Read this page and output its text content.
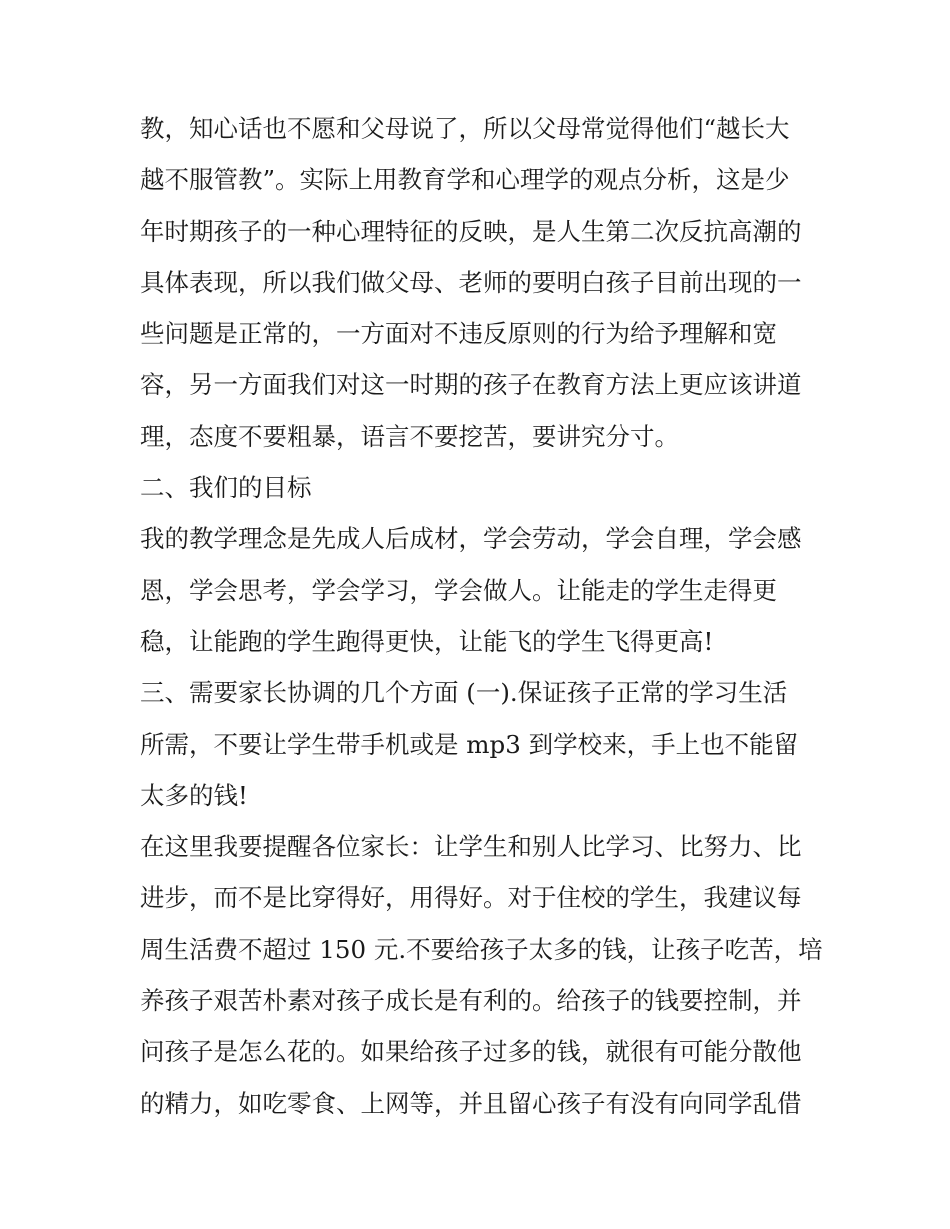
教，知心话也不愿和父母说了，所以父母常觉得他们“越长大
越不服管教”。实际上用教育学和心理学的观点分析，这是少
年时期孩子的一种心理特征的反映，是人生第二次反抗高潮的
具体表现，所以我们做父母、老师的要明白孩子目前出现的一
些问题是正常的，一方面对不违反原则的行为给予理解和宽
容，另一方面我们对这一时期的孩子在教育方法上更应该讲道
理，态度不要粗暴，语言不要挖苦，要讲究分寸。
二、我们的目标
我的教学理念是先成人后成材，学会劳动，学会自理，学会感
恩，学会思考，学会学习，学会做人。让能走的学生走得更
稳，让能跑的学生跑得更快，让能飞的学生飞得更高!
三、需要家长协调的几个方面 (一).保证孩子正常的学习生活
所需，不要让学生带手机或是 mp3 到学校来，手上也不能留
太多的钱!
在这里我要提醒各位家长：让学生和别人比学习、比努力、比
进步，而不是比穿得好，用得好。对于住校的学生，我建议每
周生活费不超过 150 元.不要给孩子太多的钱，让孩子吃苦，培
养孩子艰苦朴素对孩子成长是有利的。给孩子的钱要控制，并
问孩子是怎么花的。如果给孩子过多的钱，就很有可能分散他
的精力，如吃零食、上网等，并且留心孩子有没有向同学乱借
